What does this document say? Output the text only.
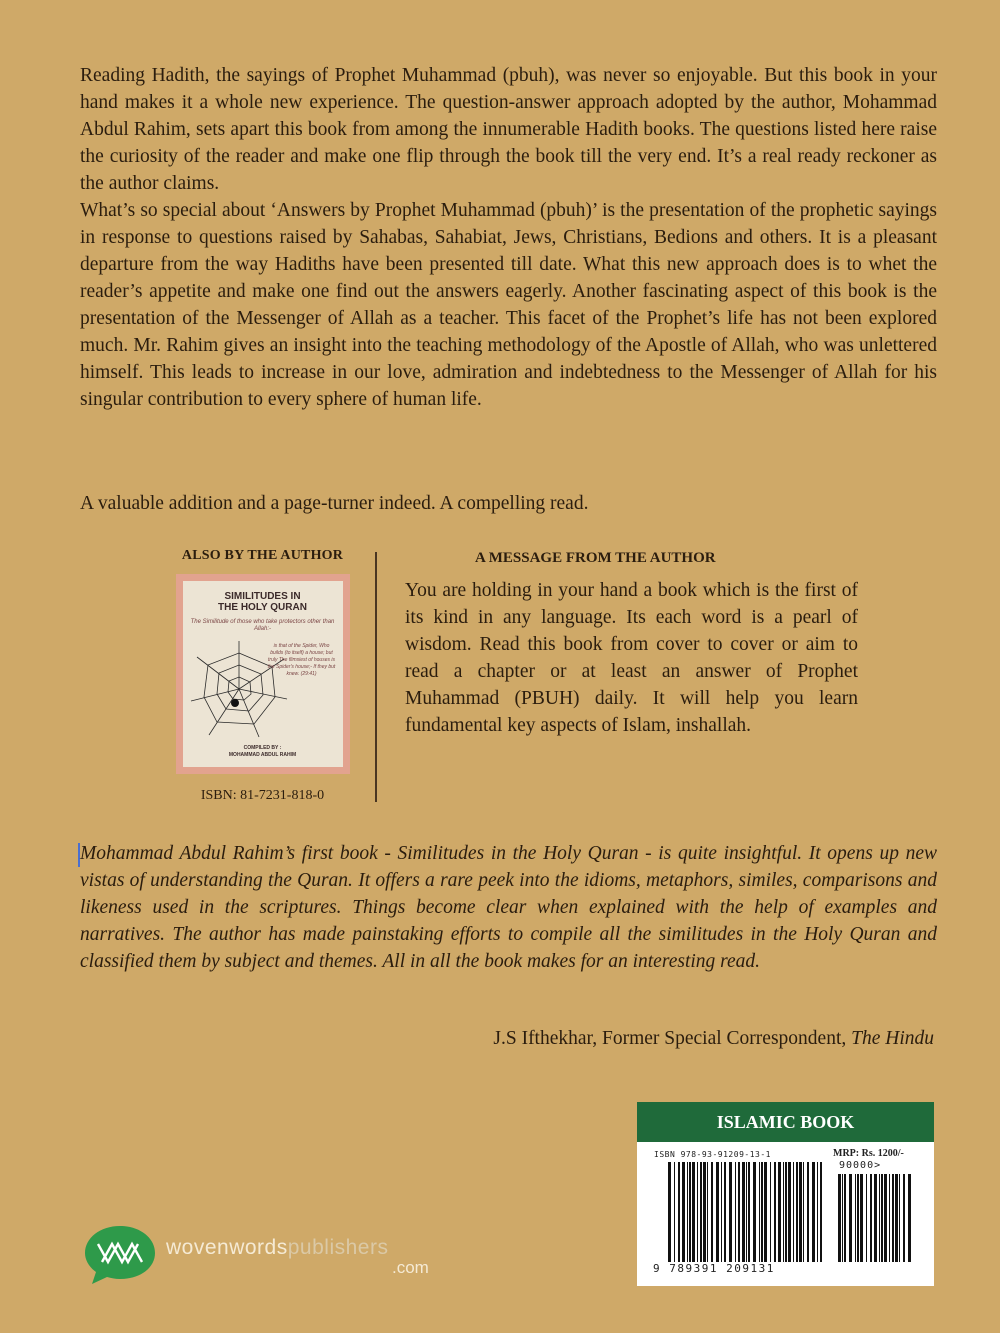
Reading Hadith, the sayings of Prophet Muhammad (pbuh), was never so enjoyable. But this book in your hand makes it a whole new experience. The question-answer approach adopted by the author, Mohammad Abdul Rahim, sets apart this book from among the innumerable Hadith books. The questions listed here raise the curiosity of the reader and make one flip through the book till the very end. It’s a real ready reckoner as the author claims.

What’s so special about ‘Answers by Prophet Muhammad (pbuh)’ is the presentation of the prophetic sayings in response to questions raised by Sahabas, Sahabiat, Jews, Christians, Bedions and others. It is a pleasant departure from the way Hadiths have been presented till date. What this new approach does is to whet the reader’s appetite and make one find out the answers eagerly. Another fascinating aspect of this book is the presentation of the Messenger of Allah as a teacher. This facet of the Prophet’s life has not been explored much. Mr. Rahim gives an insight into the teaching methodology of the Apostle of Allah, who was unlettered himself. This leads to increase in our love, admiration and indebtedness to the Messenger of Allah for his singular contribution to every sphere of human life.

A valuable addition and a page-turner indeed. A compelling read.
ALSO BY THE AUTHOR
SIMILITUDES IN
THE HOLY QURAN
The Similitude of those who take protectors other than Allah:-
is that of the Spider, Who builds (to itself) a house; but truly The flimsiest of houses is the Spider's house;- If they but knew. (29:41)
COMPILED BY :
MOHAMMAD ABDUL RAHIM
ISBN: 81-7231-818-0
A MESSAGE FROM THE AUTHOR
You are holding in your hand a book which is the first of its kind in any language. Its each word is a pearl of wisdom. Read this book from cover to cover or aim to read a chapter or at least an answer of Prophet Muhammad (PBUH) daily. It will help you learn fundamental key aspects of Islam, inshallah.
Mohammad Abdul Rahim’s first book - Similitudes in the Holy Quran - is quite insightful. It opens up new vistas of understanding the Quran. It offers a rare peek into the idioms, metaphors, similes, comparisons and likeness used in the scriptures. Things become clear when explained with the help of examples and narratives. The author has made painstaking efforts to compile all the similitudes in the Holy Quran and classified them by subject and themes. All in all the book makes for an interesting read.
J.S Ifthekhar, Former Special Correspondent, The Hindu
ISLAMIC BOOK
ISBN 978-93-91209-13-1	MRP: Rs. 1200/-
90000>
9 789391 209131
wovenwordspublishers
.com
